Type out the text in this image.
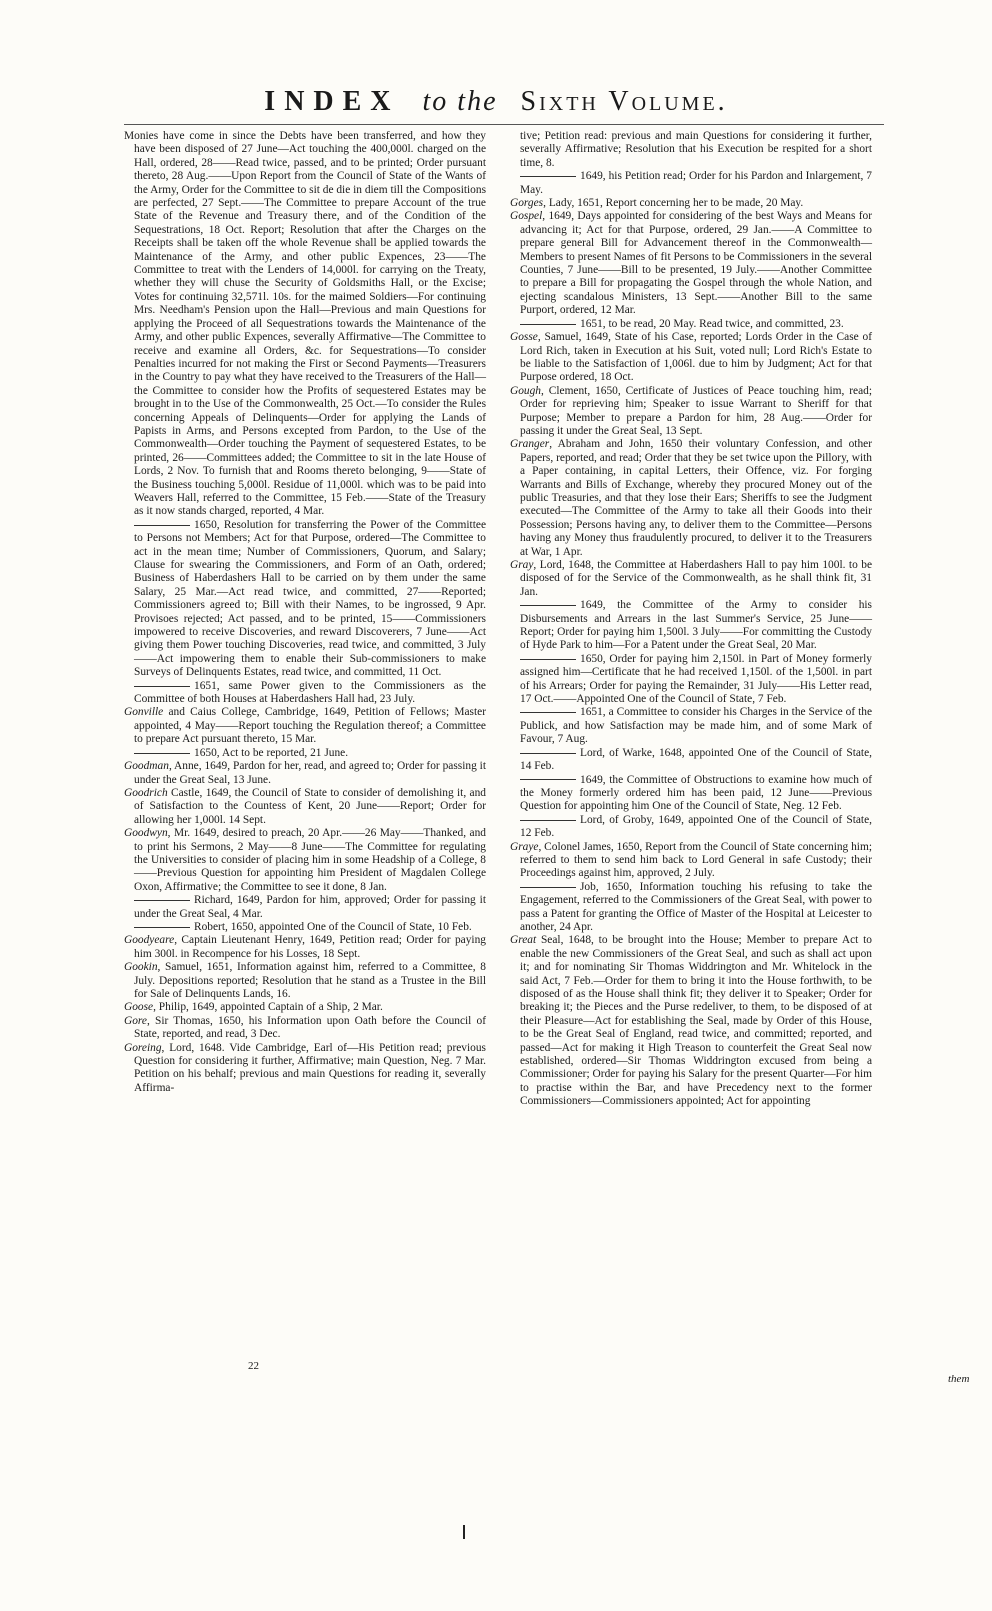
INDEX to the Sixth Volume.

Monies have come in since the Debts have been transferred, and how they have been disposed of 27 June—Act touching the 400,000l. charged on the Hall, ordered, 28——Read twice, passed, and to be printed; Order pursuant thereto, 28 Aug.——Upon Report from the Council of State of the Wants of the Army, Order for the Committee to sit de die in diem till the Compositions are perfected, 27 Sept.——The Committee to prepare Account of the true State of the Revenue and Treasury there, and of the Condition of the Sequestrations, 18 Oct. Report; Resolution that after the Charges on the Receipts shall be taken off the whole Revenue shall be applied towards the Maintenance of the Army, and other public Expences, 23——The Committee to treat with the Lenders of 14,000l. for carrying on the Treaty, whether they will chuse the Security of Goldsmiths Hall, or the Excise; Votes for continuing 32,571l. 10s. for the maimed Soldiers—For continuing Mrs. Needham's Pension upon the Hall—Previous and main Questions for applying the Proceed of all Sequestrations towards the Maintenance of the Army, and other public Expences, severally Affirmative—The Committee to receive and examine all Orders, &c. for Sequestrations—To consider Penalties incurred for not making the First or Second Payments—Treasurers in the Country to pay what they have received to the Treasurers of the Hall—the Committee to consider how the Profits of sequestered Estates may be brought in to the Use of the Commonwealth, 25 Oct.—To consider the Rules concerning Appeals of Delinquents—Order for applying the Lands of Papists in Arms, and Persons excepted from Pardon, to the Use of the Commonwealth—Order touching the Payment of sequestered Estates, to be printed, 26——Committees added; the Committee to sit in the late House of Lords, 2 Nov. To furnish that and Rooms thereto belonging, 9——State of the Business touching 5,000l. Residue of 11,000l. which was to be paid into Weavers Hall, referred to the Committee, 15 Feb.——State of the Treasury as it now stands charged, reported, 4 Mar.

1650, Resolution for transferring the Power of the Committee to Persons not Members; Act for that Purpose, ordered—The Committee to act in the mean time; Number of Commissioners, Quorum, and Salary; Clause for swearing the Commissioners, and Form of an Oath, ordered; Business of Haberdashers Hall to be carried on by them under the same Salary, 25 Mar.—Act read twice, and committed, 27——Reported; Commissioners agreed to; Bill with their Names, to be ingrossed, 9 Apr. Provisoes rejected; Act passed, and to be printed, 15——Commissioners impowered to receive Discoveries, and reward Discoverers, 7 June——Act giving them Power touching Discoveries, read twice, and committed, 3 July——Act impowering them to enable their Sub-commissioners to make Surveys of Delinquents Estates, read twice, and committed, 11 Oct.

1651, same Power given to the Commissioners as the Committee of both Houses at Haberdashers Hall had, 23 July.

Gonville and Caius College, Cambridge, 1649, Petition of Fellows; Master appointed, 4 May——Report touching the Regulation thereof; a Committee to prepare Act pursuant thereto, 15 Mar.

1650, Act to be reported, 21 June.

Goodman, Anne, 1649, Pardon for her, read, and agreed to; Order for passing it under the Great Seal, 13 June.

Goodrich Castle, 1649, the Council of State to consider of demolishing it, and of Satisfaction to the Countess of Kent, 20 June——Report; Order for allowing her 1,000l. 14 Sept.

Goodwyn, Mr. 1649, desired to preach, 20 Apr.——26 May——Thanked, and to print his Sermons, 2 May——8 June——The Committee for regulating the Universities to consider of placing him in some Headship of a College, 8——Previous Question for appointing him President of Magdalen College Oxon, Affirmative; the Committee to see it done, 8 Jan.

Richard, 1649, Pardon for him, approved; Order for passing it under the Great Seal, 4 Mar.

Robert, 1650, appointed One of the Council of State, 10 Feb.

Goodyeare, Captain Lieutenant Henry, 1649, Petition read; Order for paying him 300l. in Recompence for his Losses, 18 Sept.

Gookin, Samuel, 1651, Information against him, referred to a Committee, 8 July. Depositions reported; Resolution that he stand as a Trustee in the Bill for Sale of Delinquents Lands, 16.

Goose, Philip, 1649, appointed Captain of a Ship, 2 Mar.

Gore, Sir Thomas, 1650, his Information upon Oath before the Council of State, reported, and read, 3 Dec.

Goreing, Lord, 1648. Vide Cambridge, Earl of—His Petition read; previous Question for considering it further, Affirmative; main Question, Neg. 7 Mar. Petition on his behalf; previous and main Questions for reading it, severally Affirma-

tive; Petition read: previous and main Questions for considering it further, severally Affirmative; Resolution that his Execution be respited for a short time, 8.

1649, his Petition read; Order for his Pardon and Inlargement, 7 May.

Gorges, Lady, 1651, Report concerning her to be made, 20 May.

Gospel, 1649, Days appointed for considering of the best Ways and Means for advancing it; Act for that Purpose, ordered, 29 Jan.——A Committee to prepare general Bill for Advancement thereof in the Commonwealth—Members to present Names of fit Persons to be Commissioners in the several Counties, 7 June——Bill to be presented, 19 July.——Another Committee to prepare a Bill for propagating the Gospel through the whole Nation, and ejecting scandalous Ministers, 13 Sept.——Another Bill to the same Purport, ordered, 12 Mar.

1651, to be read, 20 May. Read twice, and committed, 23.

Gosse, Samuel, 1649, State of his Case, reported; Lords Order in the Case of Lord Rich, taken in Execution at his Suit, voted null; Lord Rich's Estate to be liable to the Satisfaction of 1,006l. due to him by Judgment; Act for that Purpose ordered, 18 Oct.

Gough, Clement, 1650, Certificate of Justices of Peace touching him, read; Order for reprieving him; Speaker to issue Warrant to Sheriff for that Purpose; Member to prepare a Pardon for him, 28 Aug.——Order for passing it under the Great Seal, 13 Sept.

Granger, Abraham and John, 1650 their voluntary Confession, and other Papers, reported, and read; Order that they be set twice upon the Pillory, with a Paper containing, in capital Letters, their Offence, viz. For forging Warrants and Bills of Exchange, whereby they procured Money out of the public Treasuries, and that they lose their Ears; Sheriffs to see the Judgment executed—The Committee of the Army to take all their Goods into their Possession; Persons having any, to deliver them to the Committee—Persons having any Money thus fraudulently procured, to deliver it to the Treasurers at War, 1 Apr.

Gray, Lord, 1648, the Committee at Haberdashers Hall to pay him 100l. to be disposed of for the Service of the Commonwealth, as he shall think fit, 31 Jan.

1649, the Committee of the Army to consider his Disbursements and Arrears in the last Summer's Service, 25 June——Report; Order for paying him 1,500l. 3 July——For committing the Custody of Hyde Park to him—For a Patent under the Great Seal, 20 Mar.

1650, Order for paying him 2,150l. in Part of Money formerly assigned him—Certificate that he had received 1,150l. of the 1,500l. in part of his Arrears; Order for paying the Remainder, 31 July——His Letter read, 17 Oct.——Appointed One of the Council of State, 7 Feb.

1651, a Committee to consider his Charges in the Service of the Publick, and how Satisfaction may be made him, and of some Mark of Favour, 7 Aug.

Lord, of Warke, 1648, appointed One of the Council of State, 14 Feb.

1649, the Committee of Obstructions to examine how much of the Money formerly ordered him has been paid, 12 June——Previous Question for appointing him One of the Council of State, Neg. 12 Feb.

Lord, of Groby, 1649, appointed One of the Council of State, 12 Feb.

Graye, Colonel James, 1650, Report from the Council of State concerning him; referred to them to send him back to Lord General in safe Custody; their Proceedings against him, approved, 2 July.

Job, 1650, Information touching his refusing to take the Engagement, referred to the Commissioners of the Great Seal, with power to pass a Patent for granting the Office of Master of the Hospital at Leicester to another, 24 Apr.

Great Seal, 1648, to be brought into the House; Member to prepare Act to enable the new Commissioners of the Great Seal, and such as shall act upon it; and for nominating Sir Thomas Widdrington and Mr. Whitelock in the said Act, 7 Feb.—Order for them to bring it into the House forthwith, to be disposed of as the House shall think fit; they deliver it to Speaker; Order for breaking it; the Pieces and the Purse redeliver, to them, to be disposed of at their Pleasure—Act for establishing the Seal, made by Order of this House, to be the Great Seal of England, read twice, and committed; reported, and passed—Act for making it High Treason to counterfeit the Great Seal now established, ordered—Sir Thomas Widdrington excused from being a Commissioner; Order for paying his Salary for the present Quarter—For him to practise within the Bar, and have Precedency next to the former Commissioners—Commissioners appointed; Act for appointing

22
them
